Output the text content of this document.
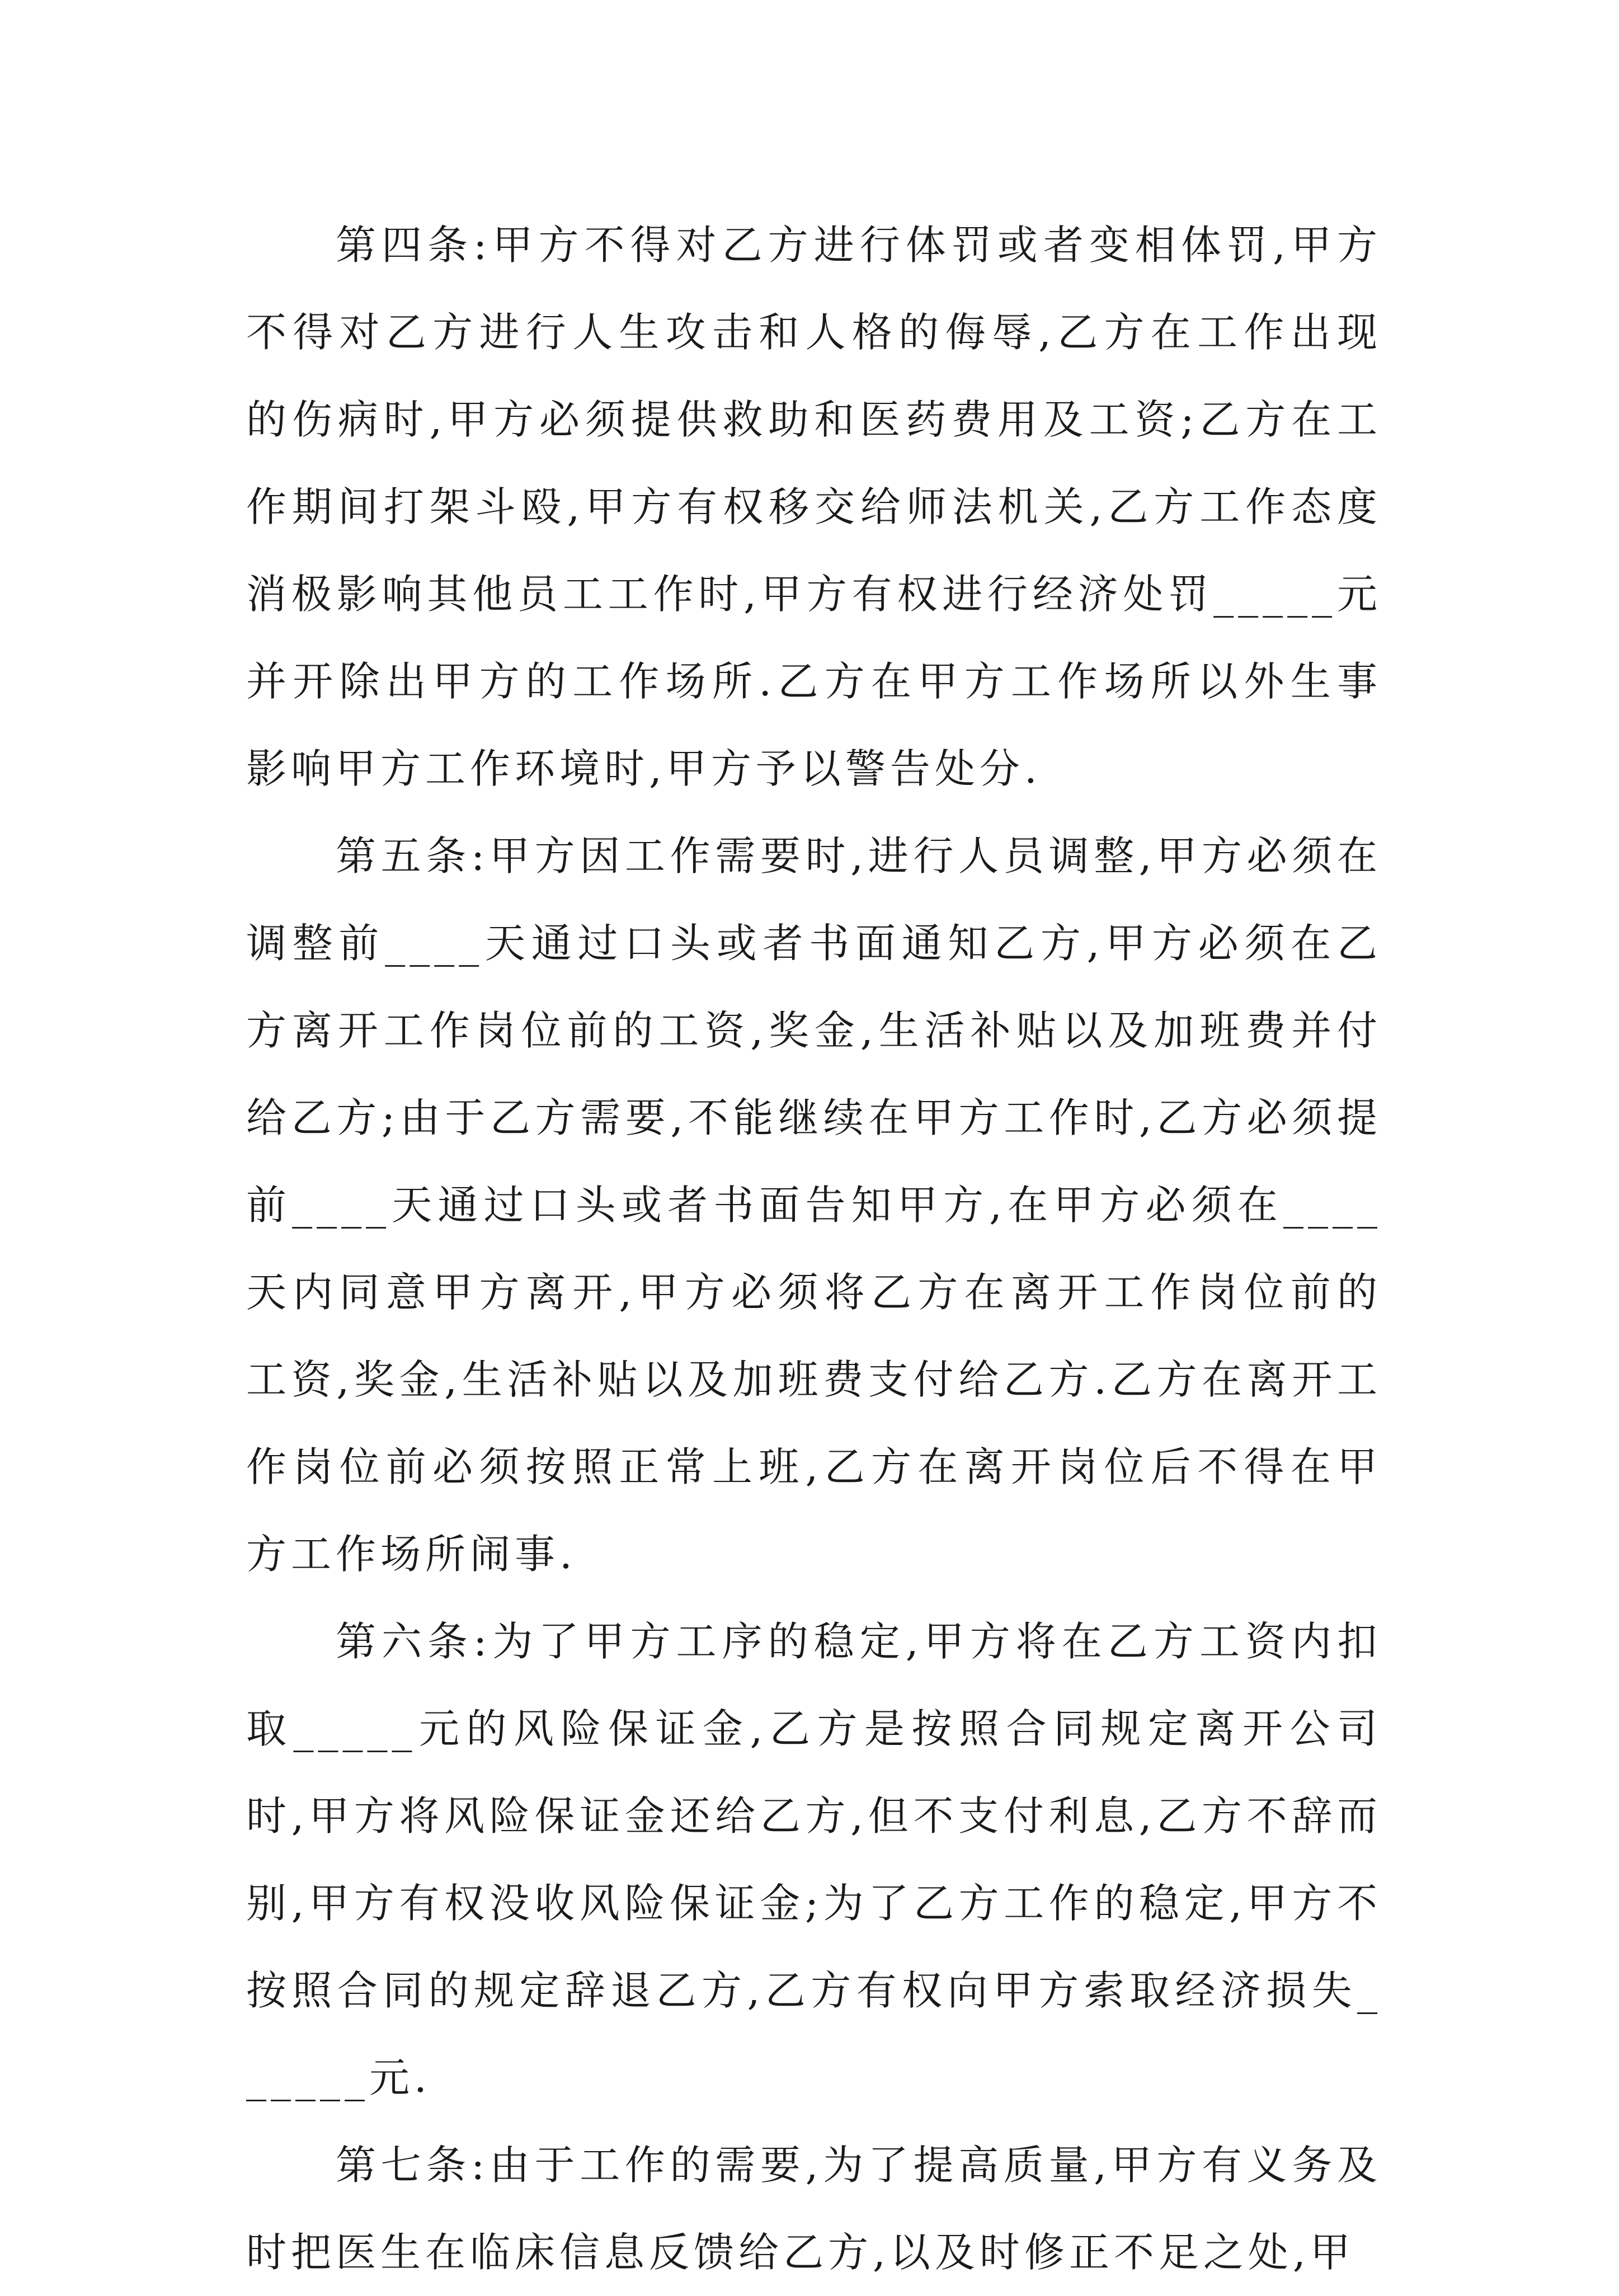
第四条:甲方不得对乙方进行体罚或者变相体罚,甲方不得对乙方进行人生攻击和人格的侮辱,乙方在工作出现的伤病时,甲方必须提供救助和医药费用及工资;乙方在工作期间打架斗殴,甲方有权移交给师法机关,乙方工作态度消极影响其他员工工作时,甲方有权进行经济处罚_____元并开除出甲方的工作场所.乙方在甲方工作场所以外生事影响甲方工作环境时,甲方予以警告处分.

第五条:甲方因工作需要时,进行人员调整,甲方必须在调整前____天通过口头或者书面通知乙方,甲方必须在乙方离开工作岗位前的工资,奖金,生活补贴以及加班费并付给乙方;由于乙方需要,不能继续在甲方工作时,乙方必须提前____天通过口头或者书面告知甲方,在甲方必须在____天内同意甲方离开,甲方必须将乙方在离开工作岗位前的工资,奖金,生活补贴以及加班费支付给乙方.乙方在离开工作岗位前必须按照正常上班,乙方在离开岗位后不得在甲方工作场所闹事.

第六条:为了甲方工序的稳定,甲方将在乙方工资内扣取_____元的风险保证金,乙方是按照合同规定离开公司时,甲方将风险保证金还给乙方,但不支付利息,乙方不辞而别,甲方有权没收风险保证金;为了乙方工作的稳定,甲方不按照合同的规定辞退乙方,乙方有权向甲方索取经济损失______元.

第七条:由于工作的需要,为了提高质量,甲方有义务及时把医生在临床信息反馈给乙方,以及时修正不足之处,甲
